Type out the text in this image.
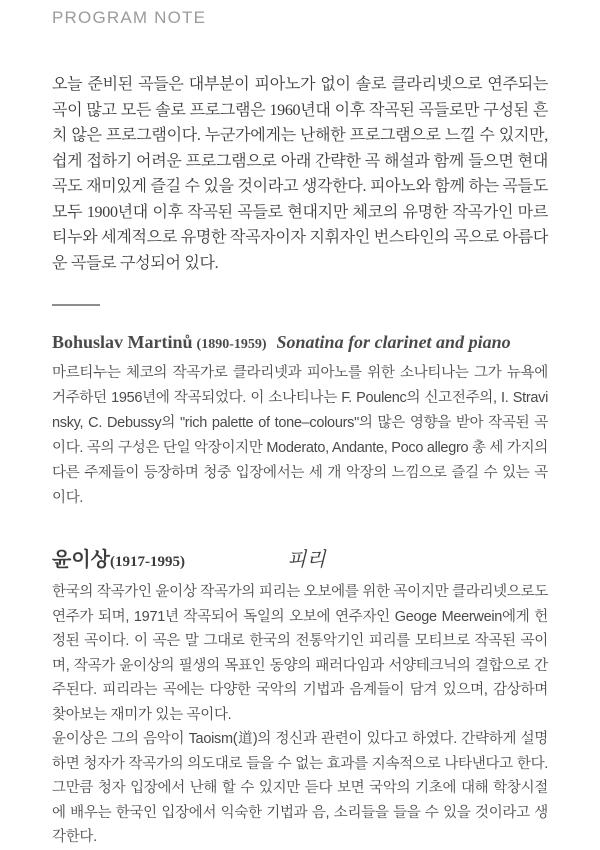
PROGRAM NOTE

오늘 준비된 곡들은 대부분이 피아노가 없이 솔로 클라리넷으로 연주되는 곡이 많고 모든 솔로 프로그램은 1960년대 이후 작곡된 곡들로만 구성된 흔치 않은 프로그램이다. 누군가에게는 난해한 프로그램으로 느낄 수 있지만, 쉽게 접하기 어려운 프로그램으로 아래 간략한 곡 해설과 함께 들으면 현대곡도 재미있게 즐길 수 있을 것이라고 생각한다. 피아노와 함께 하는 곡들도 모두 1900년대 이후 작곡된 곡들로 현대지만 체코의 유명한 작곡가인 마르티누와 세계적으로 유명한 작곡자이자 지휘자인 번스타인의 곡으로 아름다운 곡들로 구성되어 있다.

Bohuslav Martinů (1890-1959) Sonatina for clarinet and piano

마르티누는 체코의 작곡가로 클라리넷과 피아노를 위한 소나티나는 그가 뉴욕에 거주하던 1956년에 작곡되었다. 이 소나티나는 F. Poulenc의 신고전주의, I. Stravinsky, C. Debussy의 "rich palette of tone–colours"의 많은 영향을 받아 작곡된 곡이다. 곡의 구성은 단일 악장이지만 Moderato, Andante, Poco allegro 총 세 가지의 다른 주제들이 등장하며 청중 입장에서는 세 개 악장의 느낌으로 즐길 수 있는 곡이다.

윤이상 (1917-1995)	피리

한국의 작곡가인 윤이상 작곡가의 피리는 오보에를 위한 곡이지만 클라리넷으로도 연주가 되며, 1971년 작곡되어 독일의 오보에 연주자인 Geoge Meerwein에게 헌정된 곡이다. 이 곡은 말 그대로 한국의 전통악기인 피리를 모티브로 작곡된 곡이며, 작곡가 윤이상의 필생의 목표인 동양의 패러다임과 서양테크닉의 결합으로 간주된다. 피리라는 곡에는 다양한 국악의 기법과 음계들이 담겨 있으며, 감상하며 찾아보는 재미가 있는 곡이다.

윤이상은 그의 음악이 Taoism(道)의 정신과 관련이 있다고 하였다. 간략하게 설명하면 청자가 작곡가의 의도대로 들을 수 없는 효과를 지속적으로 나타낸다고 한다. 그만큼 청자 입장에서 난해 할 수 있지만 듣다 보면 국악의 기초에 대해 학창시절에 배우는 한국인 입장에서 익숙한 기법과 음, 소리들을 들을 수 있을 것이라고 생각한다.
